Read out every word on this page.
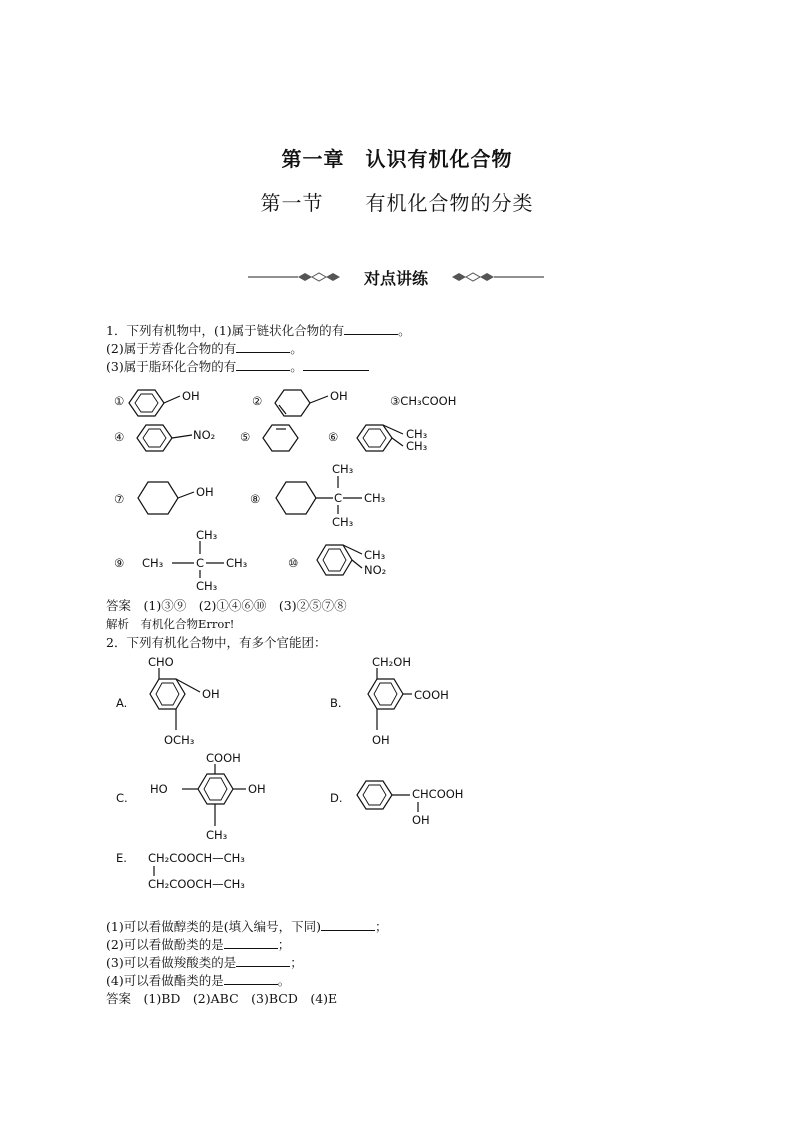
第一章　认识有机化合物
第一节　　有机化合物的分类
对点讲练
1．下列有机物中，(1)属于链状化合物的有	。
(2)属于芳香化合物的有	。
(3)属于脂环化合物的有	。
①	OH	②	OH	③CH₃COOH
④	NO₂ ⑤	⑥	CH₃
CH₃
⑦	OH	⑧	C
CH₃
CH₃
CH₃
⑨ CH₃	C
CH₃
CH₃
CH₃
⑩
CH₃
NO₂
答案　(1)③⑨　(2)①④⑥⑩　(3)②⑤⑦⑧
解析　有机化合物Error!
2．下列有机化合物中，有多个官能团：
A.
CHO
OH
OCH₃
B.
CH₂OH
COOH
OH
C.
COOH
HO	OH
CH₃
D.	CHCOOH
OH
E. CH₂COOCH—CH₃
CH₂COOCH—CH₃
(1)可以看做醇类的是(填入编号，下同)	；
(2)可以看做酚类的是	；
(3)可以看做羧酸类的是	；
(4)可以看做酯类的是	。
答案　(1)BD　(2)ABC　(3)BCD　(4)E
